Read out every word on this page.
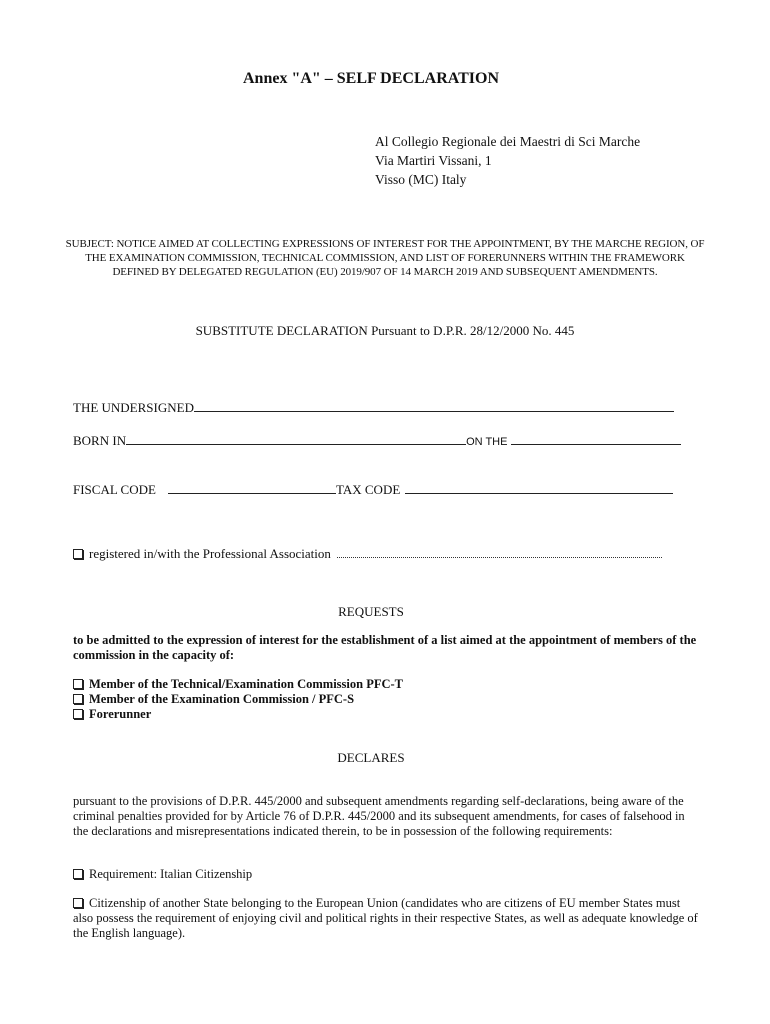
Annex "A" – SELF DECLARATION
Al Collegio Regionale dei Maestri di Sci Marche
Via Martiri Vissani, 1
Visso (MC) Italy
SUBJECT: NOTICE AIMED AT COLLECTING EXPRESSIONS OF INTEREST FOR THE APPOINTMENT, BY THE MARCHE REGION, OF THE EXAMINATION COMMISSION, TECHNICAL COMMISSION, AND LIST OF FORERUNNERS WITHIN THE FRAMEWORK DEFINED BY DELEGATED REGULATION (EU) 2019/907 OF 14 MARCH 2019 AND SUBSEQUENT AMENDMENTS.
SUBSTITUTE DECLARATION Pursuant to D.P.R. 28/12/2000 No. 445
THE UNDERSIGNED
BORN IN	ON THE
FISCAL CODE	TAX CODE
registered in/with the Professional Association
REQUESTS
to be admitted to the expression of interest for the establishment of a list aimed at the appointment of members of the commission in the capacity of:
Member of the Technical/Examination Commission PFC-T
Member of the Examination Commission / PFC-S
Forerunner
DECLARES
pursuant to the provisions of D.P.R. 445/2000 and subsequent amendments regarding self-declarations, being aware of the criminal penalties provided for by Article 76 of D.P.R. 445/2000 and its subsequent amendments, for cases of falsehood in the declarations and misrepresentations indicated therein, to be in possession of the following requirements:
Requirement: Italian Citizenship
Citizenship of another State belonging to the European Union (candidates who are citizens of EU member States must also possess the requirement of enjoying civil and political rights in their respective States, as well as adequate knowledge of the English language).
